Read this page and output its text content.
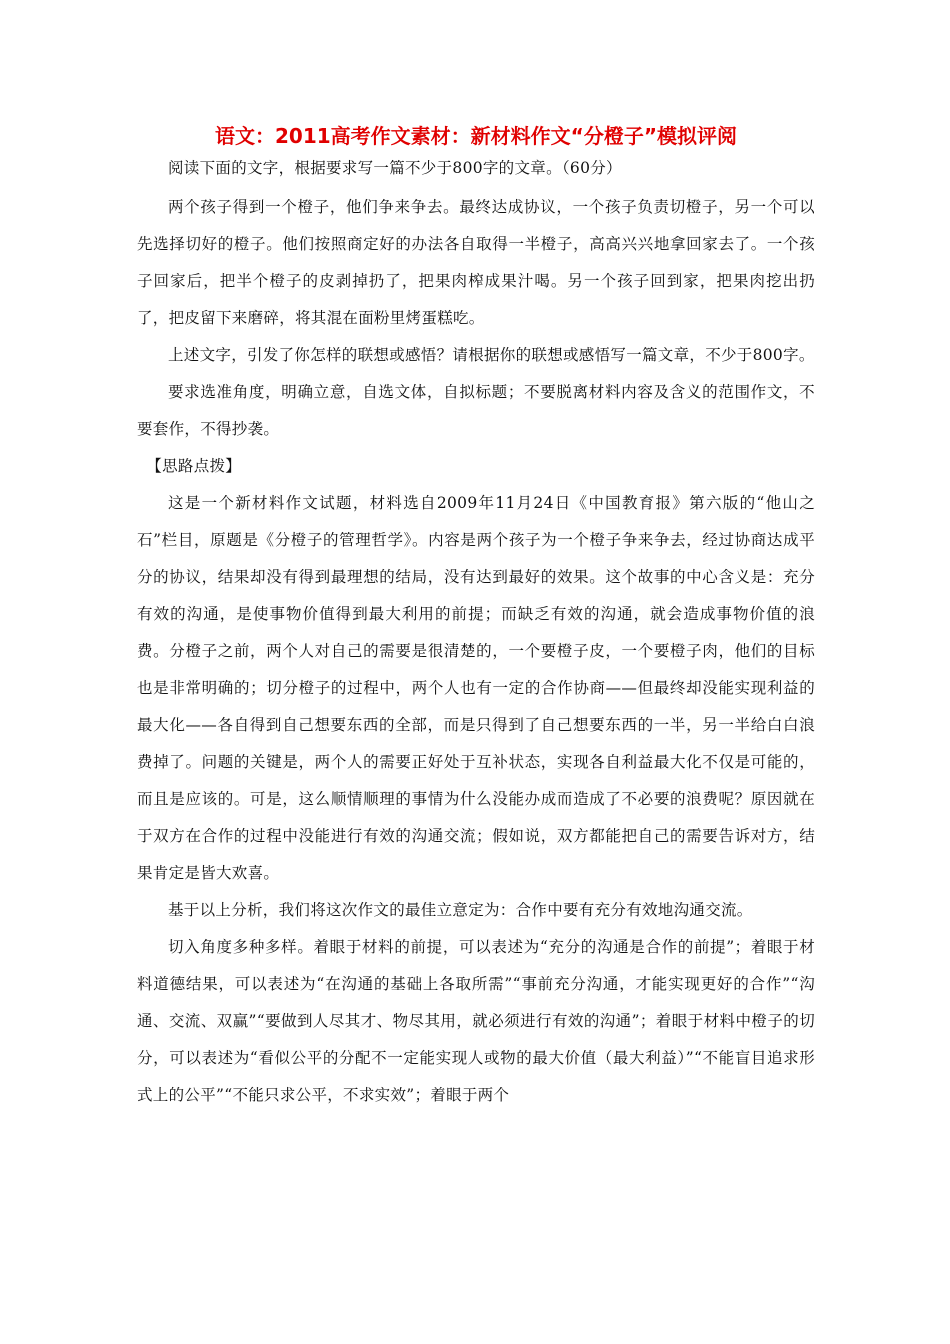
语文：2011高考作文素材：新材料作文“分橙子”模拟评阅

阅读下面的文字，根据要求写一篇不少于800字的文章。（60分）

两个孩子得到一个橙子，他们争来争去。最终达成协议，一个孩子负责切橙子，另一个可以先选择切好的橙子。他们按照商定好的办法各自取得一半橙子，高高兴兴地拿回家去了。一个孩子回家后，把半个橙子的皮剥掉扔了，把果肉榨成果汁喝。另一个孩子回到家，把果肉挖出扔了，把皮留下来磨碎，将其混在面粉里烤蛋糕吃。

上述文字，引发了你怎样的联想或感悟？请根据你的联想或感悟写一篇文章，不少于800字。

要求选准角度，明确立意，自选文体，自拟标题；不要脱离材料内容及含义的范围作文，不要套作，不得抄袭。

【思路点拨】

这是一个新材料作文试题，材料选自2009年11月24日《中国教育报》第六版的“他山之石”栏目，原题是《分橙子的管理哲学》。内容是两个孩子为一个橙子争来争去，经过协商达成平分的协议，结果却没有得到最理想的结局，没有达到最好的效果。这个故事的中心含义是：充分有效的沟通，是使事物价值得到最大利用的前提；而缺乏有效的沟通，就会造成事物价值的浪费。分橙子之前，两个人对自己的需要是很清楚的，一个要橙子皮，一个要橙子肉，他们的目标也是非常明确的；切分橙子的过程中，两个人也有一定的合作协商——但最终却没能实现利益的最大化——各自得到自己想要东西的全部，而是只得到了自己想要东西的一半，另一半给白白浪费掉了。问题的关键是，两个人的需要正好处于互补状态，实现各自利益最大化不仅是可能的，而且是应该的。可是，这么顺情顺理的事情为什么没能办成而造成了不必要的浪费呢？原因就在于双方在合作的过程中没能进行有效的沟通交流；假如说，双方都能把自己的需要告诉对方，结果肯定是皆大欢喜。

基于以上分析，我们将这次作文的最佳立意定为：合作中要有充分有效地沟通交流。

切入角度多种多样。着眼于材料的前提，可以表述为“充分的沟通是合作的前提”；着眼于材料道德结果，可以表述为“在沟通的基础上各取所需”“事前充分沟通，才能实现更好的合作”“沟通、交流、双赢”“要做到人尽其才、物尽其用，就必须进行有效的沟通”；着眼于材料中橙子的切分，可以表述为“看似公平的分配不一定能实现人或物的最大价值（最大利益）”“不能盲目追求形式上的公平”“不能只求公平，不求实效”；着眼于两个
